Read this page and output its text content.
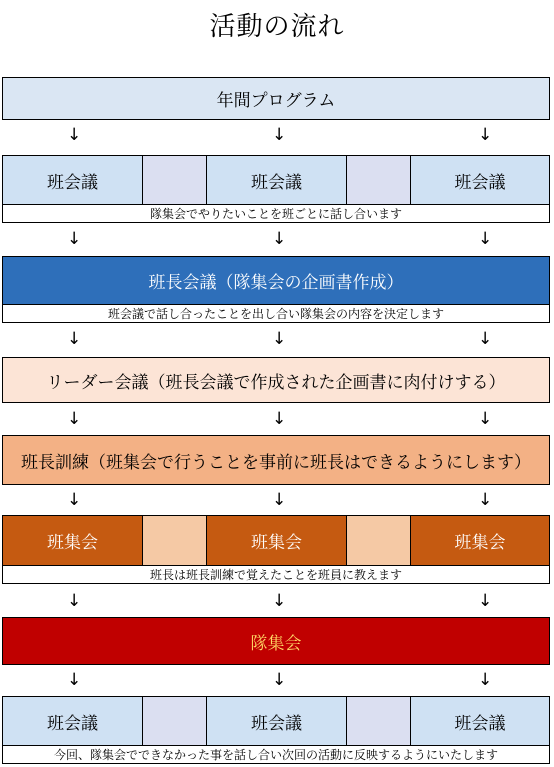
活動の流れ
年間プログラム
↓	↓	↓
班会議	班会議	班会議
隊集会でやりたいことを班ごとに話し合います
↓	↓	↓
班長会議（隊集会の企画書作成）
班会議で話し合ったことを出し合い隊集会の内容を決定します
↓	↓	↓
リーダー会議（班長会議で作成された企画書に肉付けする）
↓	↓	↓
班長訓練（班集会で行うことを事前に班長はできるようにします）
↓	↓	↓
班集会	班集会	班集会
班長は班長訓練で覚えたことを班員に教えます
↓	↓	↓
隊集会
↓	↓	↓
班会議	班会議	班会議
今回、隊集会でできなかった事を話し合い次回の活動に反映するようにいたします
